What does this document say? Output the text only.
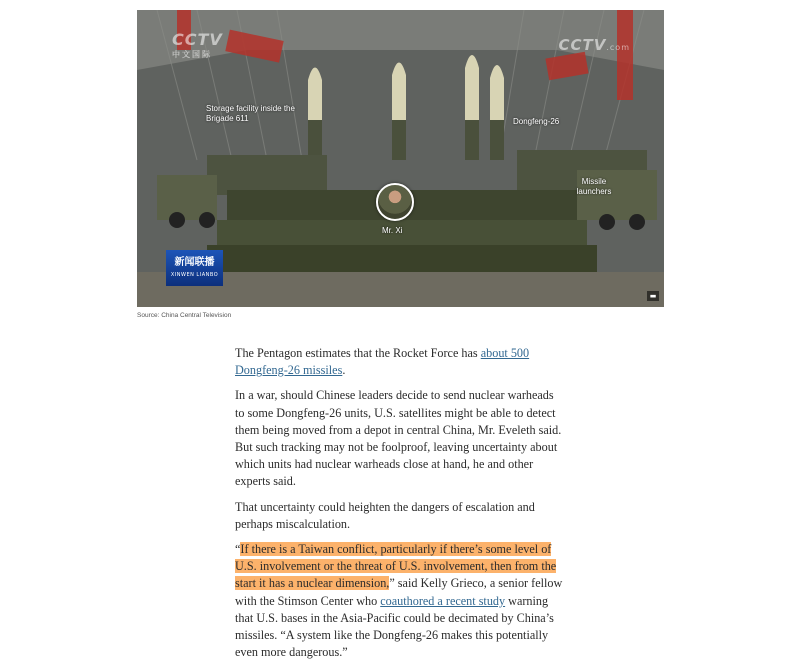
CCTV
中文国际
CCTV.com
Storage facility inside the Brigade 611	Dongfeng-26
Missile launchers
Mr. Xi
新闻联播
XINWEN LIANBO
▬
Source: China Central Television

The Pentagon estimates that the Rocket Force has about 500 Dongfeng-26 missiles.

In a war, should Chinese leaders decide to send nuclear warheads to some Dongfeng-26 units, U.S. satellites might be able to detect them being moved from a depot in central China, Mr. Eveleth said. But such tracking may not be foolproof, leaving uncertainty about which units had nuclear warheads close at hand, he and other experts said.

That uncertainty could heighten the dangers of escalation and perhaps miscalculation.

“If there is a Taiwan conflict, particularly if there’s some level of U.S. involvement or the threat of U.S. involvement, then from the start it has a nuclear dimension,” said Kelly Grieco, a senior fellow with the Stimson Center who coauthored a recent study warning that U.S. bases in the Asia-Pacific could be decimated by China’s missiles. “A system like the Dongfeng-26 makes this potentially even more dangerous.”
